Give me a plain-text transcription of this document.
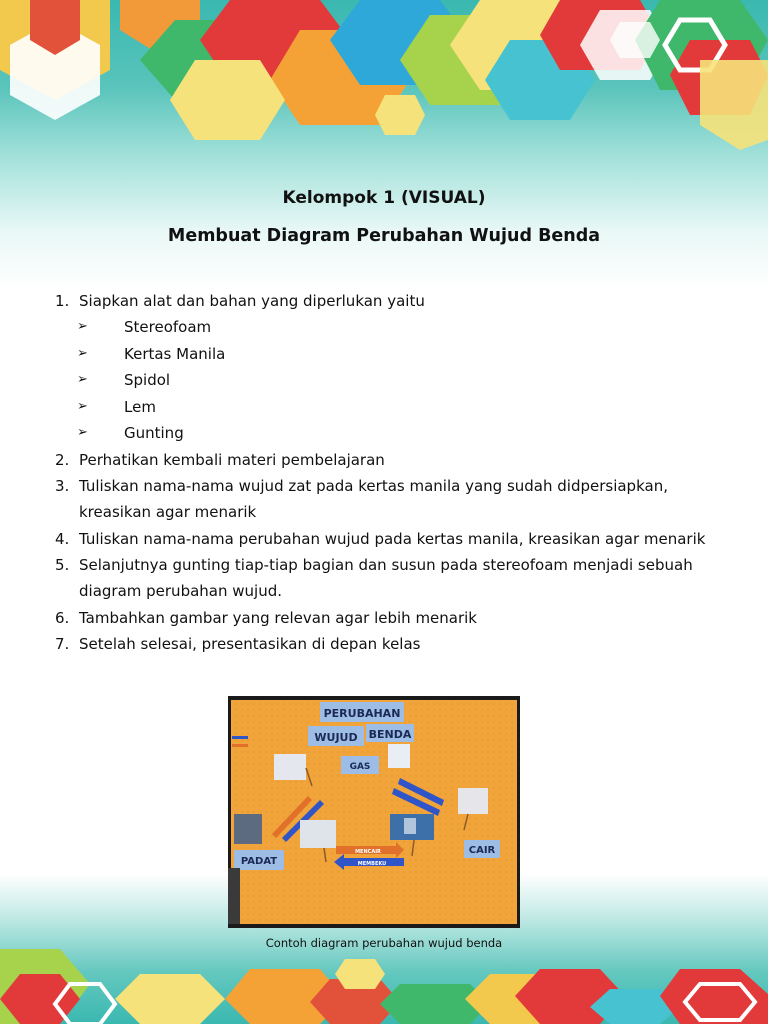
Kelompok 1 (VISUAL)
Membuat Diagram Perubahan Wujud Benda
1. Siapkan alat dan bahan yang diperlukan yaitu
➢	Stereofoam
➢	Kertas Manila
➢	Spidol
➢	Lem
➢	Gunting
2. Perhatikan kembali materi pembelajaran
3. Tuliskan nama-nama wujud zat pada kertas manila yang sudah didpersiapkan, kreasikan agar menarik
4. Tuliskan nama-nama perubahan wujud pada kertas manila, kreasikan agar menarik
5. Selanjutnya gunting tiap-tiap bagian dan susun pada stereofoam menjadi sebuah diagram perubahan wujud.
6. Tambahkan gambar yang relevan agar lebih menarik
7. Setelah selesai, presentasikan di depan kelas
PERUBAHAN
WUJUD BENDA
GAS
MENCAIR
MEMBEKU
PADAT
CAIR
Contoh diagram perubahan wujud benda
